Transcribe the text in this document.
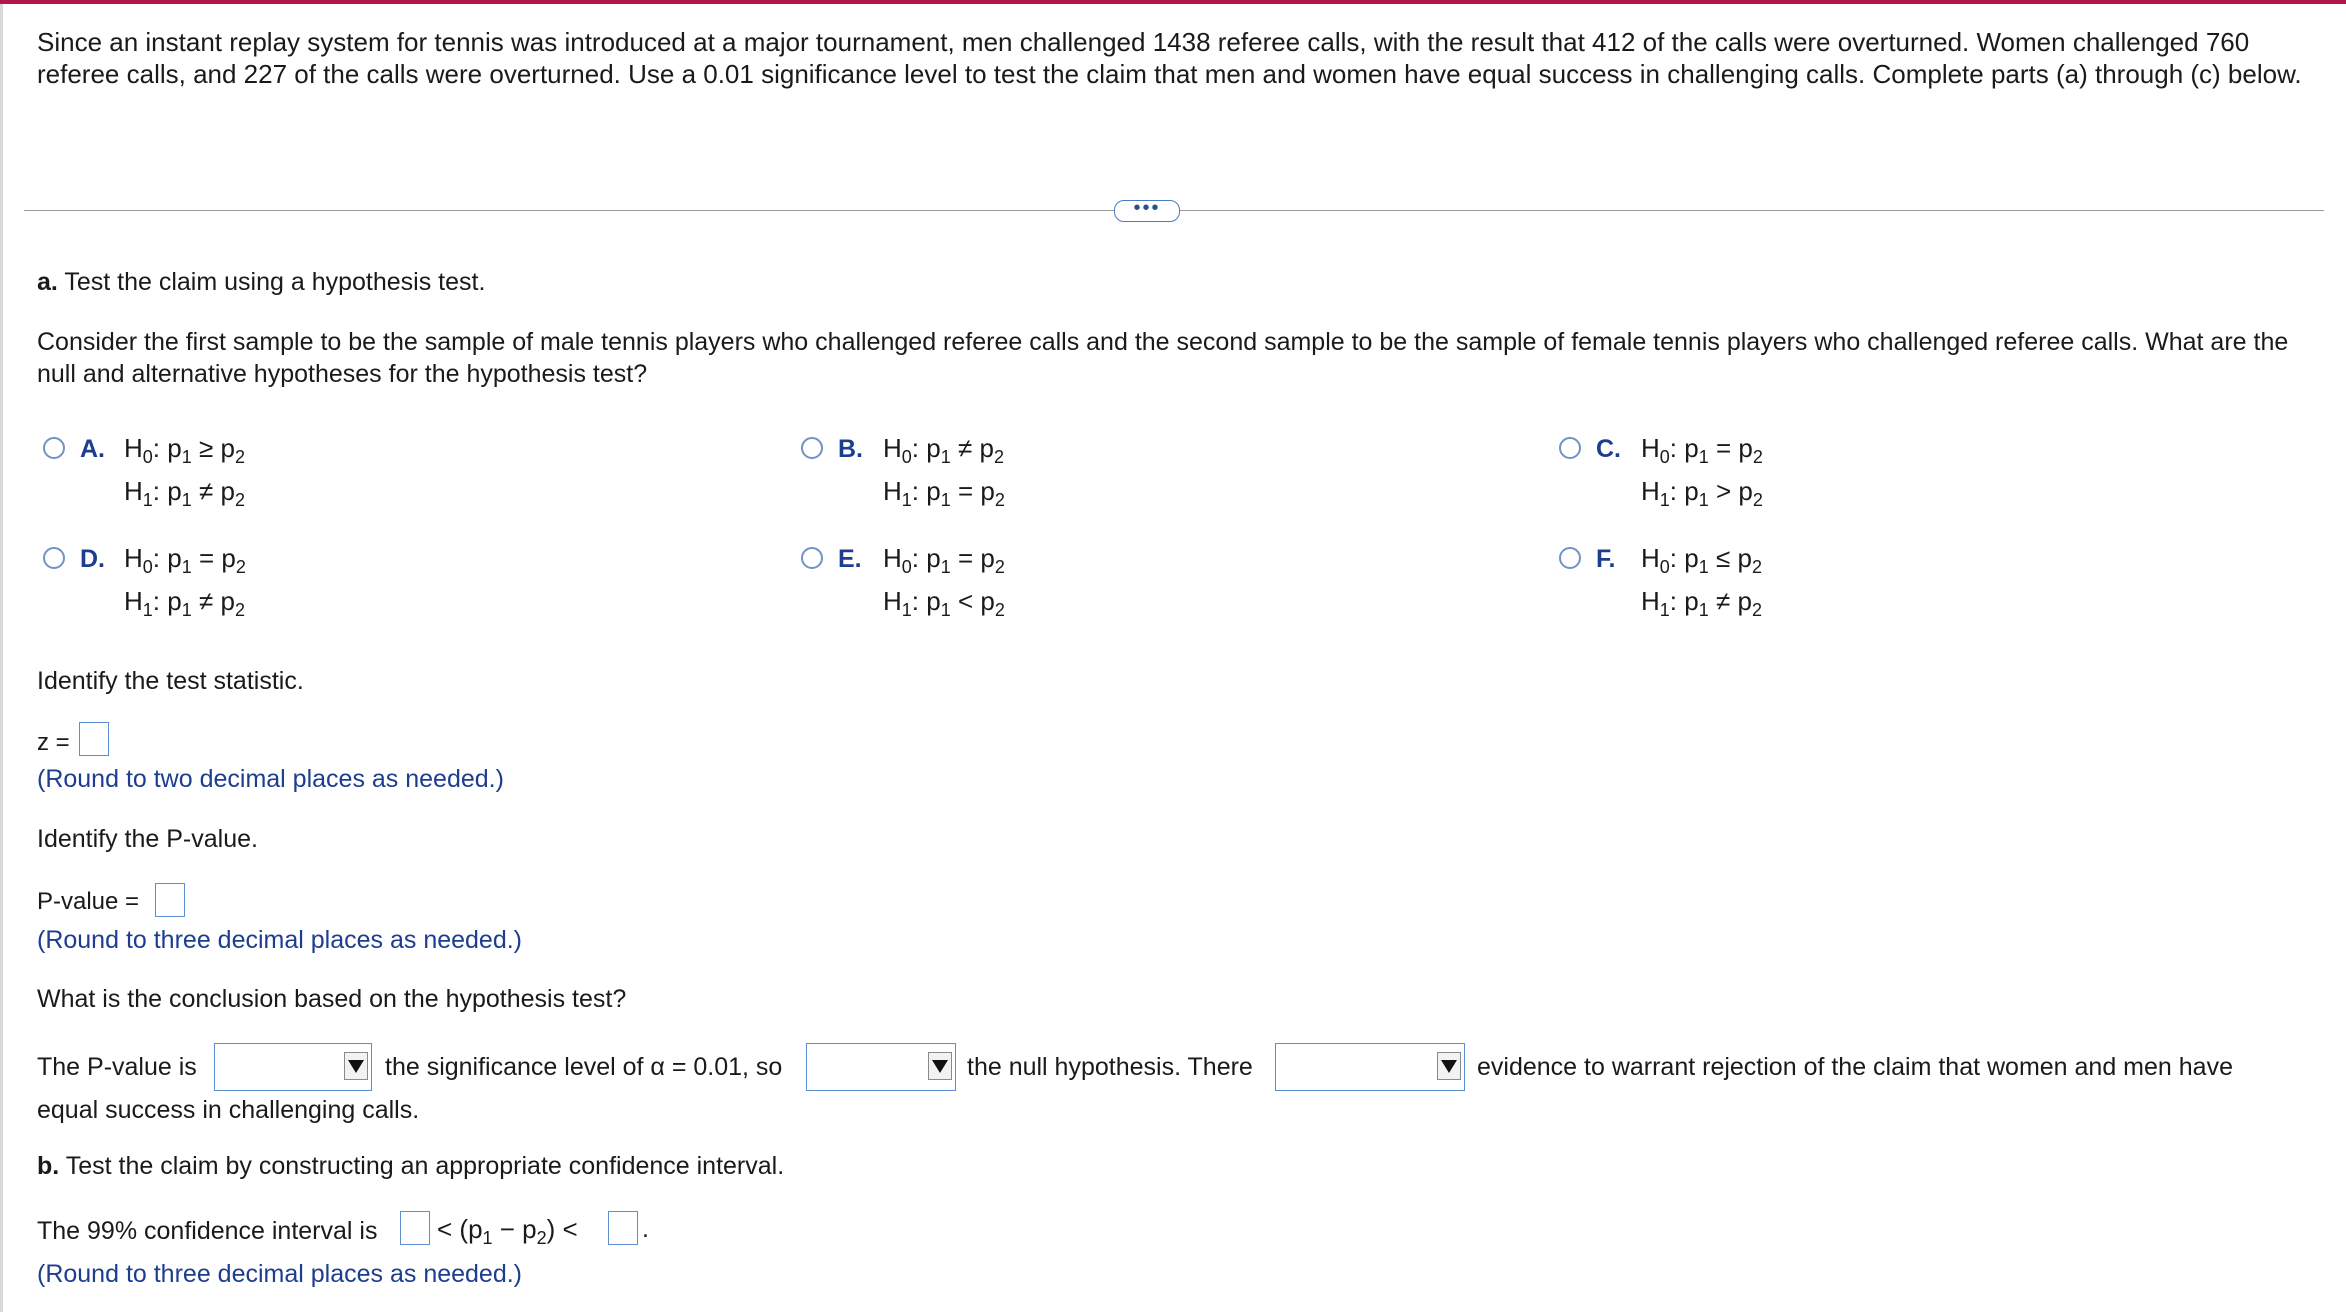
Since an instant replay system for tennis was introduced at a major tournament, men challenged 1438 referee calls, with the result that 412 of the calls were overturned. Women challenged 760 referee calls, and 227 of the calls were overturned. Use a 0.01 significance level to test the claim that men and women have equal success in challenging calls. Complete parts (a) through (c) below.
•••
a. Test the claim using a hypothesis test.
Consider the first sample to be the sample of male tennis players who challenged referee calls and the second sample to be the sample of female tennis players who challenged referee calls. What are the null and alternative hypotheses for the hypothesis test?
A. $H_0$: $p_1 \ge p_2$
$H_1$: $p_1 \ne p_2$
B. $H_0$: $p_1 \ne p_2$
$H_1$: $p_1 = p_2$
C. $H_0$: $p_1 = p_2$
$H_1$: $p_1 > p_2$
D. $H_0$: $p_1 = p_2$
$H_1$: $p_1 \ne p_2$
E. $H_0$: $p_1 = p_2$
$H_1$: $p_1 < p_2$
F. $H_0$: $p_1 \le p_2$
$H_1$: $p_1 \ne p_2$
Identify the test statistic.
z =
(Round to two decimal places as needed.)
Identify the P-value.
P-value =
(Round to three decimal places as needed.)
What is the conclusion based on the hypothesis test?
The P-value is	the significance level of α = 0.01, so	the null hypothesis. There	evidence to warrant rejection of the claim that women and men have
equal success in challenging calls.
b. Test the claim by constructing an appropriate confidence interval.
The 99% confidence interval is < $(p_1 - p_2)$ <	.
(Round to three decimal places as needed.)
